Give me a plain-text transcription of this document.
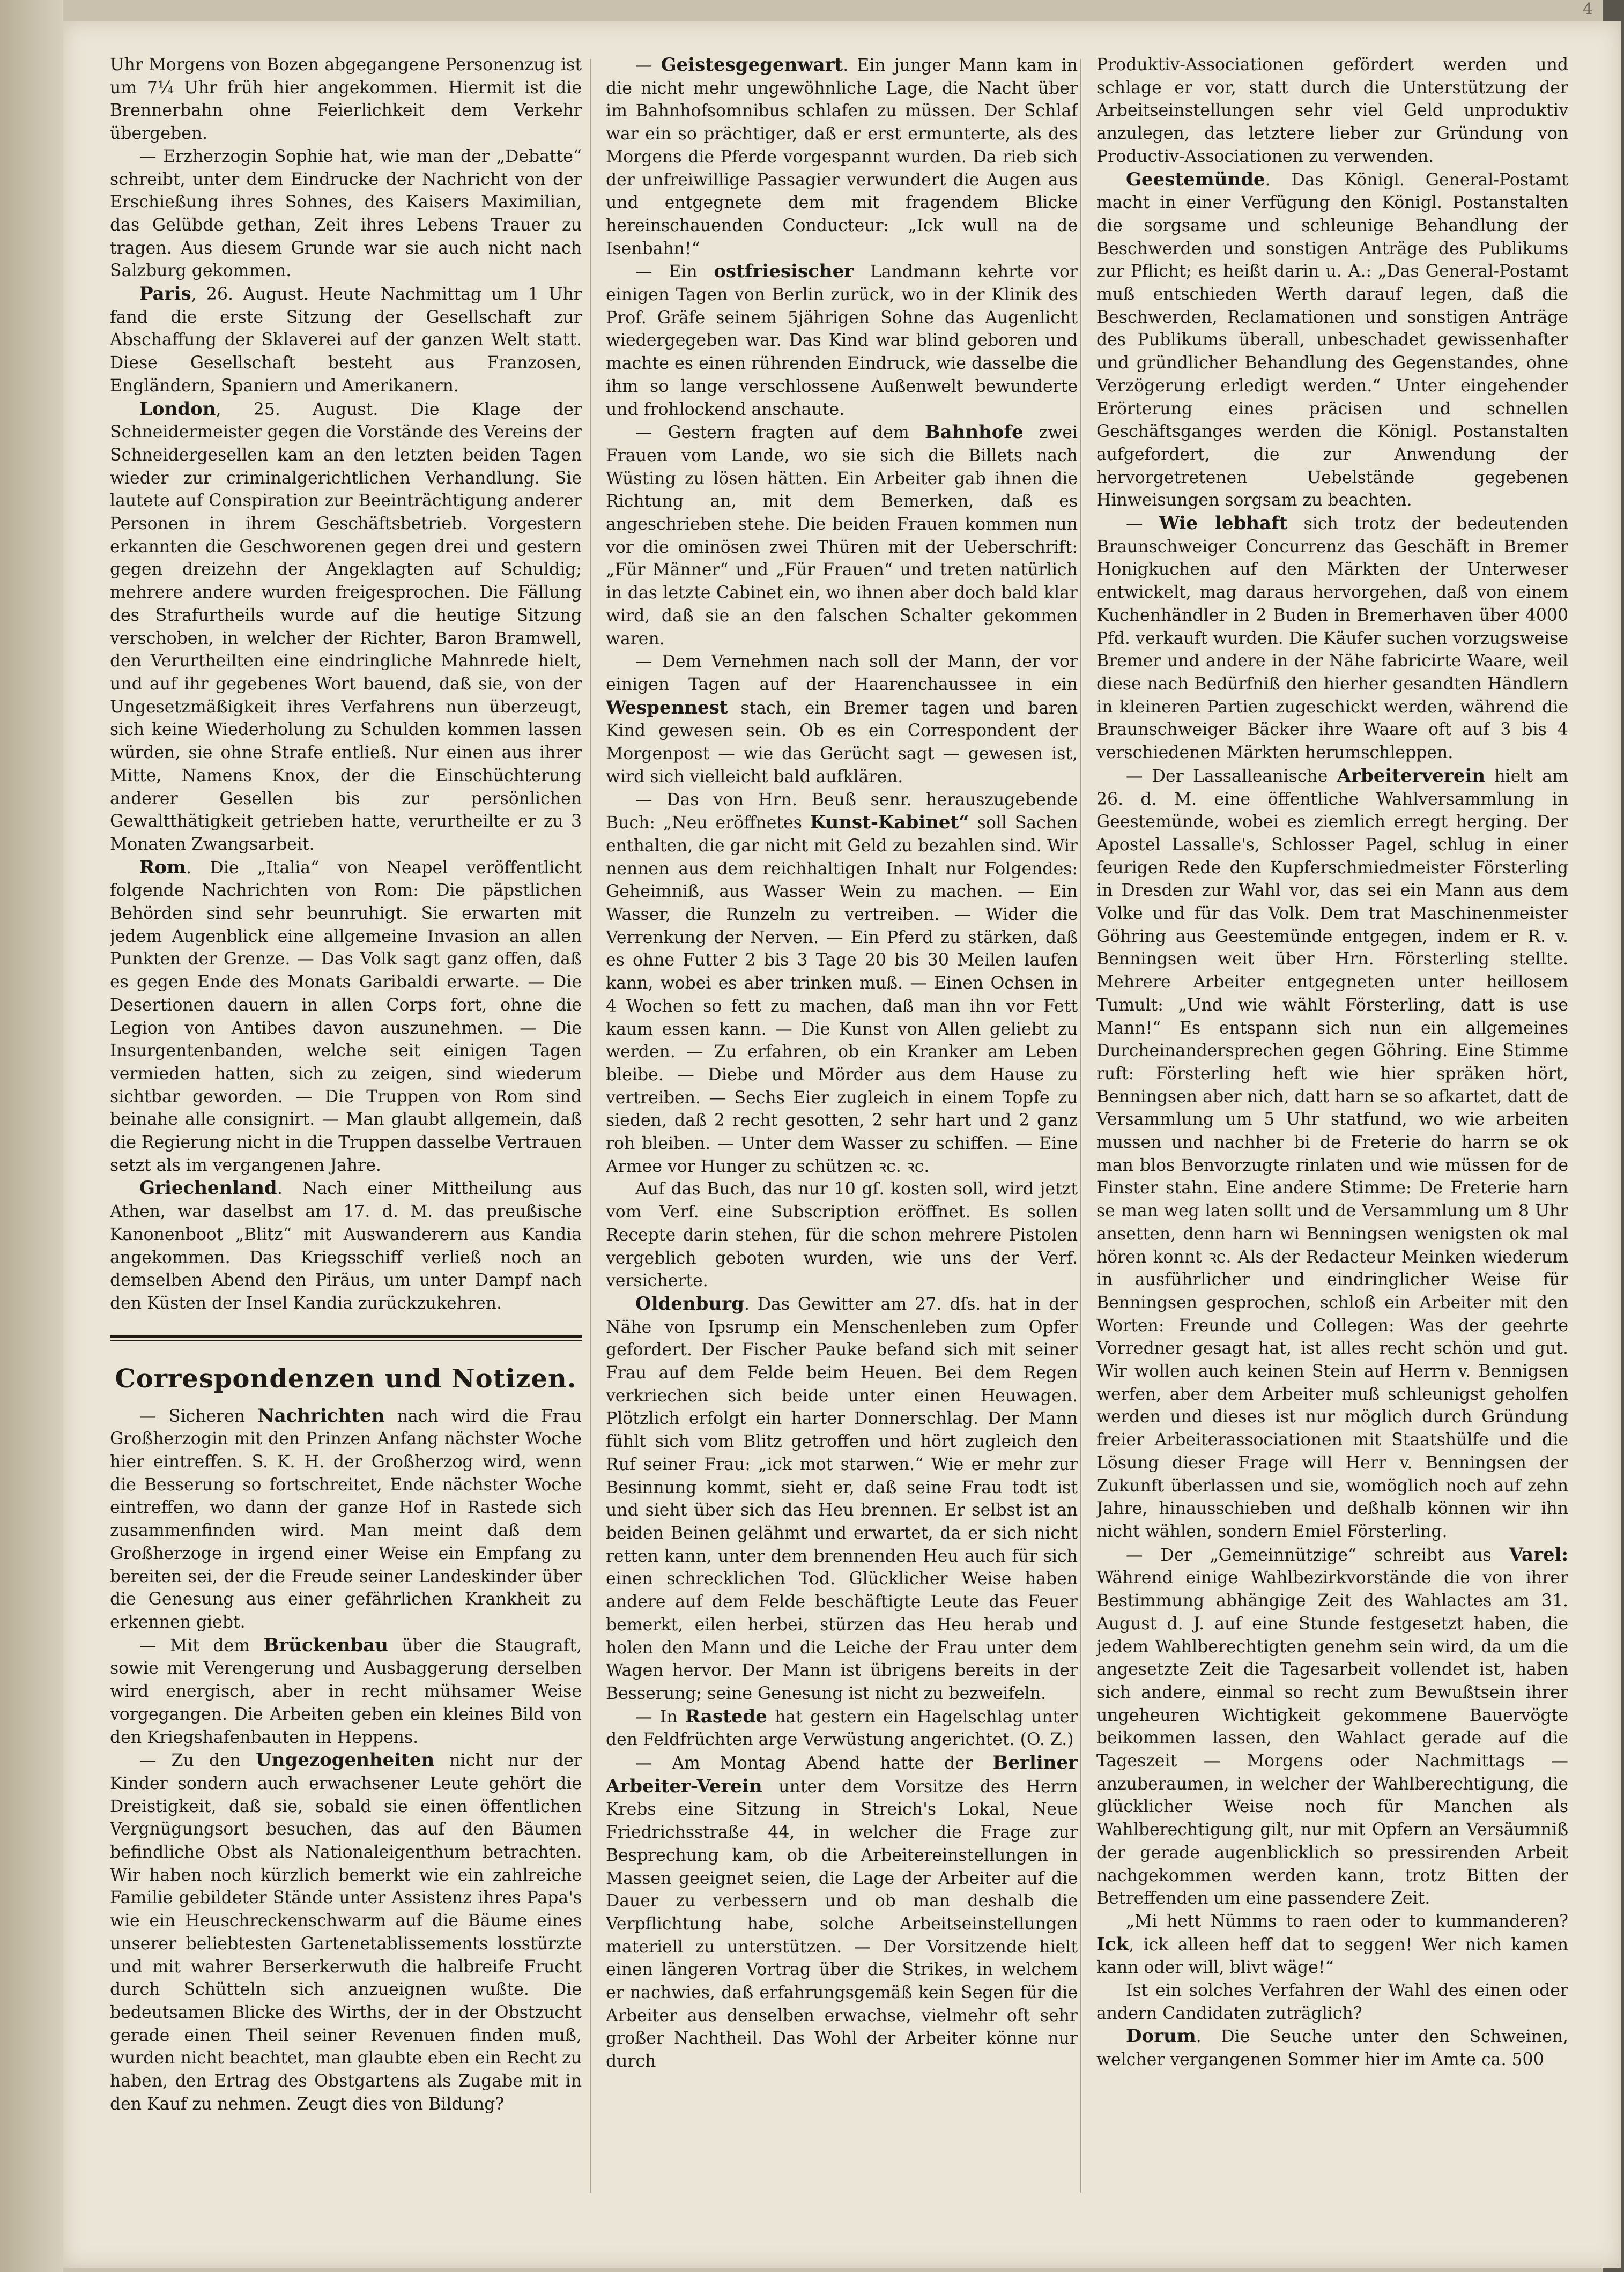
4

Uhr Morgens von Bozen abgegangene Personenzug ist um 7¼ Uhr früh hier angekommen. Hiermit ist die Brennerbahn ohne Feierlichkeit dem Verkehr übergeben.

— Erzherzogin Sophie hat, wie man der „Debatte“ schreibt, unter dem Eindrucke der Nachricht von der Erschießung ihres Sohnes, des Kaisers Maximilian, das Gelübde gethan, Zeit ihres Lebens Trauer zu tragen. Aus diesem Grunde war sie auch nicht nach Salzburg gekommen.

Paris, 26. August. Heute Nachmittag um 1 Uhr fand die erste Sitzung der Gesellschaft zur Abschaffung der Sklaverei auf der ganzen Welt statt. Diese Gesellschaft besteht aus Franzosen, Engländern, Spaniern und Amerikanern.

London, 25. August. Die Klage der Schneidermeister gegen die Vorstände des Vereins der Schneidergesellen kam an den letzten beiden Tagen wieder zur criminalgerichtlichen Verhandlung. Sie lautete auf Conspiration zur Beeinträchtigung anderer Personen in ihrem Geschäftsbetrieb. Vorgestern erkannten die Geschworenen gegen drei und gestern gegen dreizehn der Angeklagten auf Schuldig; mehrere andere wurden freigesprochen. Die Fällung des Strafurtheils wurde auf die heutige Sitzung verschoben, in welcher der Richter, Baron Bramwell, den Verurtheilten eine eindringliche Mahnrede hielt, und auf ihr gegebenes Wort bauend, daß sie, von der Ungesetzmäßigkeit ihres Verfahrens nun überzeugt, sich keine Wiederholung zu Schulden kommen lassen würden, sie ohne Strafe entließ. Nur einen aus ihrer Mitte, Namens Knox, der die Einschüchterung anderer Gesellen bis zur persönlichen Gewaltthätigkeit getrieben hatte, verurtheilte er zu 3 Monaten Zwangsarbeit.

Rom. Die „Italia“ von Neapel veröffentlicht folgende Nachrichten von Rom: Die päpstlichen Behörden sind sehr beunruhigt. Sie erwarten mit jedem Augenblick eine allgemeine Invasion an allen Punkten der Grenze. — Das Volk sagt ganz offen, daß es gegen Ende des Monats Garibaldi erwarte. — Die Desertionen dauern in allen Corps fort, ohne die Legion von Antibes davon auszunehmen. — Die Insurgentenbanden, welche seit einigen Tagen vermieden hatten, sich zu zeigen, sind wiederum sichtbar geworden. — Die Truppen von Rom sind beinahe alle consignirt. — Man glaubt allgemein, daß die Regierung nicht in die Truppen dasselbe Vertrauen setzt als im vergangenen Jahre.

Griechenland. Nach einer Mittheilung aus Athen, war daselbst am 17. d. M. das preußische Kanonenboot „Blitz“ mit Auswanderern aus Kandia angekommen. Das Kriegsschiff verließ noch an demselben Abend den Piräus, um unter Dampf nach den Küsten der Insel Kandia zurückzukehren.

Correspondenzen und Notizen.

— Sicheren Nachrichten nach wird die Frau Großherzogin mit den Prinzen Anfang nächster Woche hier eintreffen. S. K. H. der Großherzog wird, wenn die Besserung so fortschreitet, Ende nächster Woche eintreffen, wo dann der ganze Hof in Rastede sich zusammenfinden wird. Man meint daß dem Großherzoge in irgend einer Weise ein Empfang zu bereiten sei, der die Freude seiner Landeskinder über die Genesung aus einer gefährlichen Krankheit zu erkennen giebt.

— Mit dem Brückenbau über die Staugraft, sowie mit Verengerung und Ausbaggerung derselben wird energisch, aber in recht mühsamer Weise vorgegangen. Die Arbeiten geben ein kleines Bild von den Kriegshafenbauten in Heppens.

— Zu den Ungezogenheiten nicht nur der Kinder sondern auch erwachsener Leute gehört die Dreistigkeit, daß sie, sobald sie einen öffentlichen Vergnügungsort besuchen, das auf den Bäumen befindliche Obst als Nationaleigenthum betrachten. Wir haben noch kürzlich bemerkt wie ein zahlreiche Familie gebildeter Stände unter Assistenz ihres Papa's wie ein Heuschreckenschwarm auf die Bäume eines unserer beliebtesten Gartenetablissements losstürzte und mit wahrer Berserkerwuth die halbreife Frucht durch Schütteln sich anzueignen wußte. Die bedeutsamen Blicke des Wirths, der in der Obstzucht gerade einen Theil seiner Revenuen finden muß, wurden nicht beachtet, man glaubte eben ein Recht zu haben, den Ertrag des Obstgartens als Zugabe mit in den Kauf zu nehmen. Zeugt dies von Bildung?

— Geistesgegenwart. Ein junger Mann kam in die nicht mehr ungewöhnliche Lage, die Nacht über im Bahnhofsomnibus schlafen zu müssen. Der Schlaf war ein so prächtiger, daß er erst ermunterte, als des Morgens die Pferde vorgespannt wurden. Da rieb sich der unfreiwillige Passagier verwundert die Augen aus und entgegnete dem mit fragendem Blicke hereinschauenden Conducteur: „Ick wull na de Isenbahn!“

— Ein ostfriesischer Landmann kehrte vor einigen Tagen von Berlin zurück, wo in der Klinik des Prof. Gräfe seinem 5jährigen Sohne das Augenlicht wiedergegeben war. Das Kind war blind geboren und machte es einen rührenden Eindruck, wie dasselbe die ihm so lange verschlossene Außenwelt bewunderte und frohlockend anschaute.

— Gestern fragten auf dem Bahnhofe zwei Frauen vom Lande, wo sie sich die Billets nach Wüsting zu lösen hätten. Ein Arbeiter gab ihnen die Richtung an, mit dem Bemerken, daß es angeschrieben stehe. Die beiden Frauen kommen nun vor die ominösen zwei Thüren mit der Ueberschrift: „Für Männer“ und „Für Frauen“ und treten natürlich in das letzte Cabinet ein, wo ihnen aber doch bald klar wird, daß sie an den falschen Schalter gekommen waren.

— Dem Vernehmen nach soll der Mann, der vor einigen Tagen auf der Haarenchaussee in ein Wespennest stach, ein Bremer tagen und baren Kind gewesen sein. Ob es ein Correspondent der Morgenpost — wie das Gerücht sagt — gewesen ist, wird sich vielleicht bald aufklären.

— Das von Hrn. Beuß senr. herauszugebende Buch: „Neu eröffnetes Kunst-Kabinet“ soll Sachen enthalten, die gar nicht mit Geld zu bezahlen sind. Wir nennen aus dem reichhaltigen Inhalt nur Folgendes: Geheimniß, aus Wasser Wein zu machen. — Ein Wasser, die Runzeln zu vertreiben. — Wider die Verrenkung der Nerven. — Ein Pferd zu stärken, daß es ohne Futter 2 bis 3 Tage 20 bis 30 Meilen laufen kann, wobei es aber trinken muß. — Einen Ochsen in 4 Wochen so fett zu machen, daß man ihn vor Fett kaum essen kann. — Die Kunst von Allen geliebt zu werden. — Zu erfahren, ob ein Kranker am Leben bleibe. — Diebe und Mörder aus dem Hause zu vertreiben. — Sechs Eier zugleich in einem Topfe zu sieden, daß 2 recht gesotten, 2 sehr hart und 2 ganz roh bleiben. — Unter dem Wasser zu schiffen. — Eine Armee vor Hunger zu schützen ꝛc. ꝛc.

Auf das Buch, das nur 10 gſ. kosten soll, wird jetzt vom Verf. eine Subscription eröffnet. Es sollen Recepte darin stehen, für die schon mehrere Pistolen vergeblich geboten wurden, wie uns der Verf. versicherte.

Oldenburg. Das Gewitter am 27. dſs. hat in der Nähe von Ipsrump ein Menschenleben zum Opfer gefordert. Der Fischer Pauke befand sich mit seiner Frau auf dem Felde beim Heuen. Bei dem Regen verkriechen sich beide unter einen Heuwagen. Plötzlich erfolgt ein harter Donnerschlag. Der Mann fühlt sich vom Blitz getroffen und hört zugleich den Ruf seiner Frau: „ick mot starwen.“ Wie er mehr zur Besinnung kommt, sieht er, daß seine Frau todt ist und sieht über sich das Heu brennen. Er selbst ist an beiden Beinen gelähmt und erwartet, da er sich nicht retten kann, unter dem brennenden Heu auch für sich einen schrecklichen Tod. Glücklicher Weise haben andere auf dem Felde beschäftigte Leute das Feuer bemerkt, eilen herbei, stürzen das Heu herab und holen den Mann und die Leiche der Frau unter dem Wagen hervor. Der Mann ist übrigens bereits in der Besserung; seine Genesung ist nicht zu bezweifeln.

— In Rastede hat gestern ein Hagelschlag unter den Feldfrüchten arge Verwüstung angerichtet. (O. Z.)

— Am Montag Abend hatte der Berliner Arbeiter-Verein unter dem Vorsitze des Herrn Krebs eine Sitzung in Streich's Lokal, Neue Friedrichsstraße 44, in welcher die Frage zur Besprechung kam, ob die Arbeitereinstellungen in Massen geeignet seien, die Lage der Arbeiter auf die Dauer zu verbessern und ob man deshalb die Verpflichtung habe, solche Arbeitseinstellungen materiell zu unterstützen. — Der Vorsitzende hielt einen längeren Vortrag über die Strikes, in welchem er nachwies, daß erfahrungsgemäß kein Segen für die Arbeiter aus denselben erwachse, vielmehr oft sehr großer Nachtheil. Das Wohl der Arbeiter könne nur durch

Produktiv-Associationen gefördert werden und schlage er vor, statt durch die Unterstützung der Arbeitseinstellungen sehr viel Geld unproduktiv anzulegen, das letztere lieber zur Gründung von Productiv-Associationen zu verwenden.

Geestemünde. Das Königl. General-Postamt macht in einer Verfügung den Königl. Postanstalten die sorgsame und schleunige Behandlung der Beschwerden und sonstigen Anträge des Publikums zur Pflicht; es heißt darin u. A.: „Das General-Postamt muß entschieden Werth darauf legen, daß die Beschwerden, Reclamationen und sonstigen Anträge des Publikums überall, unbeschadet gewissenhafter und gründlicher Behandlung des Gegenstandes, ohne Verzögerung erledigt werden.“ Unter eingehender Erörterung eines präcisen und schnellen Geschäftsganges werden die Königl. Postanstalten aufgefordert, die zur Anwendung der hervorgetretenen Uebelstände gegebenen Hinweisungen sorgsam zu beachten.

— Wie lebhaft sich trotz der bedeutenden Braunschweiger Concurrenz das Geschäft in Bremer Honigkuchen auf den Märkten der Unterweser entwickelt, mag daraus hervorgehen, daß von einem Kuchenhändler in 2 Buden in Bremerhaven über 4000 Pfd. verkauft wurden. Die Käufer suchen vorzugsweise Bremer und andere in der Nähe fabricirte Waare, weil diese nach Bedürfniß den hierher gesandten Händlern in kleineren Partien zugeschickt werden, während die Braunschweiger Bäcker ihre Waare oft auf 3 bis 4 verschiedenen Märkten herumschleppen.

— Der Lassalleanische Arbeiterverein hielt am 26. d. M. eine öffentliche Wahlversammlung in Geestemünde, wobei es ziemlich erregt herging. Der Apostel Lassalle's, Schlosser Pagel, schlug in einer feurigen Rede den Kupferschmiedmeister Försterling in Dresden zur Wahl vor, das sei ein Mann aus dem Volke und für das Volk. Dem trat Maschinenmeister Göhring aus Geestemünde entgegen, indem er R. v. Benningsen weit über Hrn. Försterling stellte. Mehrere Arbeiter entgegneten unter heillosem Tumult: „Und wie wählt Försterling, datt is use Mann!“ Es entspann sich nun ein allgemeines Durcheinandersprechen gegen Göhring. Eine Stimme ruft: Försterling heft wie hier spräken hört, Benningsen aber nich, datt harn se so afkartet, datt de Versammlung um 5 Uhr statfund, wo wie arbeiten mussen und nachher bi de Freterie do harrn se ok man blos Benvorzugte rinlaten und wie müssen for de Finster stahn. Eine andere Stimme: De Freterie harn se man weg laten sollt und de Versammlung um 8 Uhr ansetten, denn harn wi Benningsen wenigsten ok mal hören konnt ꝛc. Als der Redacteur Meinken wiederum in ausführlicher und eindringlicher Weise für Benningsen gesprochen, schloß ein Arbeiter mit den Worten: Freunde und Collegen: Was der geehrte Vorredner gesagt hat, ist alles recht schön und gut. Wir wollen auch keinen Stein auf Herrn v. Bennigsen werfen, aber dem Arbeiter muß schleunigst geholfen werden und dieses ist nur möglich durch Gründung freier Arbeiterassociationen mit Staatshülfe und die Lösung dieser Frage will Herr v. Benningsen der Zukunft überlassen und sie, womöglich noch auf zehn Jahre, hinausschieben und deßhalb können wir ihn nicht wählen, sondern Emiel Försterling.

— Der „Gemeinnützige“ schreibt aus Varel: Während einige Wahlbezirkvorstände die von ihrer Bestimmung abhängige Zeit des Wahlactes am 31. August d. J. auf eine Stunde festgesetzt haben, die jedem Wahlberechtigten genehm sein wird, da um die angesetzte Zeit die Tagesarbeit vollendet ist, haben sich andere, einmal so recht zum Bewußtsein ihrer ungeheuren Wichtigkeit gekommene Bauervögte beikommen lassen, den Wahlact gerade auf die Tageszeit — Morgens oder Nachmittags — anzuberaumen, in welcher der Wahlberechtigung, die glücklicher Weise noch für Manchen als Wahlberechtigung gilt, nur mit Opfern an Versäumniß der gerade augenblicklich so pressirenden Arbeit nachgekommen werden kann, trotz Bitten der Betreffenden um eine passendere Zeit.

„Mi hett Nümms to raen oder to kummanderen? Ick, ick alleen heff dat to seggen! Wer nich kamen kann oder will, blivt wäge!“

Ist ein solches Verfahren der Wahl des einen oder andern Candidaten zuträglich?

Dorum. Die Seuche unter den Schweinen, welcher vergangenen Sommer hier im Amte ca. 500
